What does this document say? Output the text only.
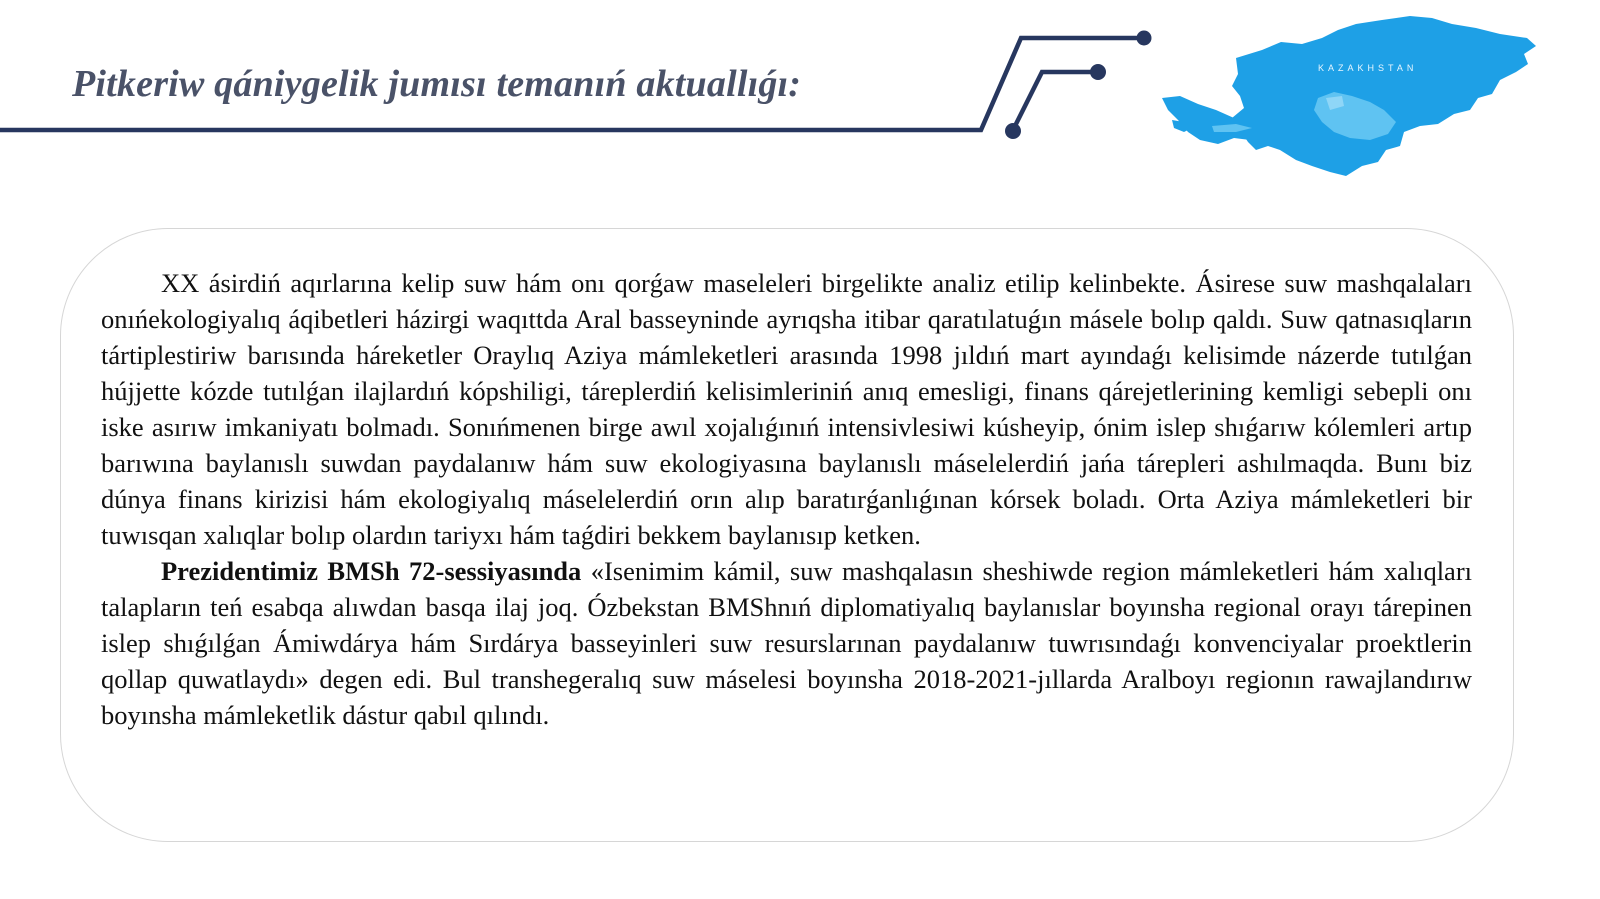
KAZAKHSTAN
Pitkeriw qániygelik jumısı temanıń aktuallıǵı:

XX ásirdiń aqırlarına kelip suw hám onı qorǵaw maseleleri birgelikte analiz etilip kelinbekte. Ásirese suw mashqalaları onıńekologiyalıq áqibetleri házirgi waqıttda Aral basseyninde ayrıqsha itibar qaratılatuǵın másele bolıp qaldı. Suw qatnasıqların tártiplestiriw barısında háreketler Oraylıq Aziya mámleketleri arasında 1998 jıldıń mart ayındaǵı kelisimde názerde tutılǵan hújjette kózde tutılǵan ilajlardıń kópshiligi, táreplerdiń kelisimleriniń anıq emesligi, finans qárejetlerining kemligi sebepli onı iske asırıw imkaniyatı bolmadı. Sonıńmenen birge awıl xojalıǵınıń intensivlesiwi kúsheyip, ónim islep shıǵarıw kólemleri artıp barıwına baylanıslı suwdan paydalanıw hám suw ekologiyasına baylanıslı máselelerdiń jańa tárepleri ashılmaqda. Bunı biz dúnya finans kirizisi hám ekologiyalıq máselelerdiń orın alıp baratırǵanlıǵınan kórsek boladı. Orta Aziya mámleketleri bir tuwısqan xalıqlar bolıp olardın tariyxı hám taǵdiri bekkem baylanısıp ketken.

Prezidentimiz BMSh 72-sessiyasında «Isenimim kámil, suw mashqalasın sheshiwde region mámleketleri hám xalıqları talapların teń esabqa alıwdan basqa ilaj joq. Ózbekstan BMShnıń diplomatiyalıq baylanıslar boyınsha regional orayı tárepinen islep shıǵılǵan Ámiwdárya hám Sırdárya basseyinleri suw resurslarınan paydalanıw tuwrısındaǵı konvenciyalar proektlerin qollap quwatlaydı» degen edi. Bul transhegeralıq suw máselesi boyınsha 2018-2021-jıllarda Aralboyı regionın rawajlandırıw boyınsha mámleketlik dástur qabıl qılındı.
